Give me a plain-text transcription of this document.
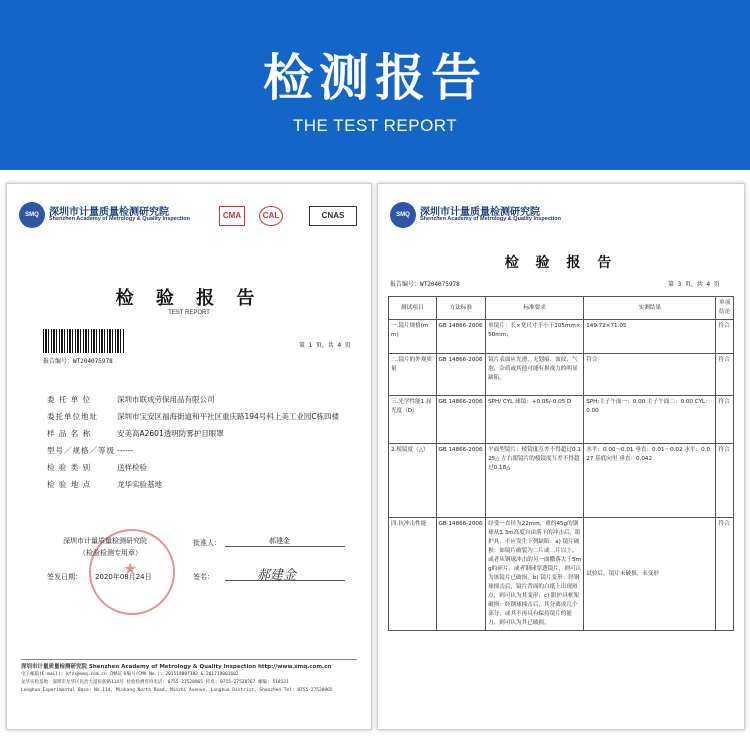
检测报告
THE TEST REPORT
SMQ	深圳市计量质量检测研究院
Shenzhen Academy of Metrology & Quality Inspection	CMA	CAL	CNAS
检 验 报 告
TEST REPORT
报告编号：WT204075978
第 1 页，共 4 页
委 托 单 位	深圳市联成劳保用品有限公司
委托单位地址	深圳市宝安区福海街道和平社区重庆路194号科上美工业园C栋四楼
样 品 名 称	安美高A2601透明防雾护目眼罩
型号／规格／等级 ------
检 验 类 别	送样检验
检 验 地 点	龙华实验基地
★
深圳市计量质量检测研究院
（检验检测专用章）
批准人：	郝建金
签发日期： 2020年08月24日	签名：	郝建金
深圳市计量质量检测研究院 Shenzhen Academy of Metrology & Quality Inspection http://www.smq.com.cn
电子邮箱(E-mail): kfzx@smq.com.cn CMA证书编号(CMA No.): 201519007382 & 201719001682
龙华实验基地：深圳市龙华区民治大道民新路114号 检验检测咨询电话: 0755-27528965 传真: 0755-27528767 邮编: 518131
Longhua Experimental Base: No.114, Minkang North Road, Minzhi Avenue, Longhua District, Shenzhen Tel: 0755-27528965
SMQ	深圳市计量质量检测研究院
Shenzhen Academy of Metrology & Quality Inspection
检 验 报 告
报告编号：WT204075978	第 3 页，共 4 页
测试项目	方法标准	标准要求	实测结果	单项结论
一.镜片规格(mm)	GB 14866-2006	单镜片：长×宽尺寸不小于105mm×50mm；	149.72×71.05	符合
二.镜片的外观质量	GB 14866-2006	镜片表面应光滑，无划痕、波纹、气泡、杂质或其他可能有损视力的明显缺陷。	符合	符合
三.光学性能1.屈光度（D）	GB 14866-2006	SPH/ CYL 球镜：+0.05/-0.05 D	SPH:主子午面一：0.00 主子午面二：0.00 CYL：0.00	符合
2.棱镜度（△）	GB 14866-2006	平面型镜片：棱镜度互差不得超过0.125△ 左右眼镜片的棱镜度互差不得超过0.18△	水平：0.00～0.01 垂直：0.01～0.02 水平：0.027 基底向里 垂直：0.042	符合
四.抗冲击性能	GB 14866-2006	经受一直径为22mm，重约45g的钢球从1.3m高度自由落下的冲击后，眼护具：不应发生下列缺陷：a) 镜片破损：如镜片破裂为二片或二片以上，或者从钢球冲击的另一面撒落大于5mg的碎片，或者钢球穿透镜片，则可认为该镜片已破损。b) 镜片变形：经钢球撞击后，镜片背面的白纸上出现斑点，则可认为其变形；c) 眼护具框架破损：经钢球撞击后，其分离成几个部分，或其不再具有保持镜片的能力，则可认为其已破损。	试验后，镜片未破损、未变形	符合
